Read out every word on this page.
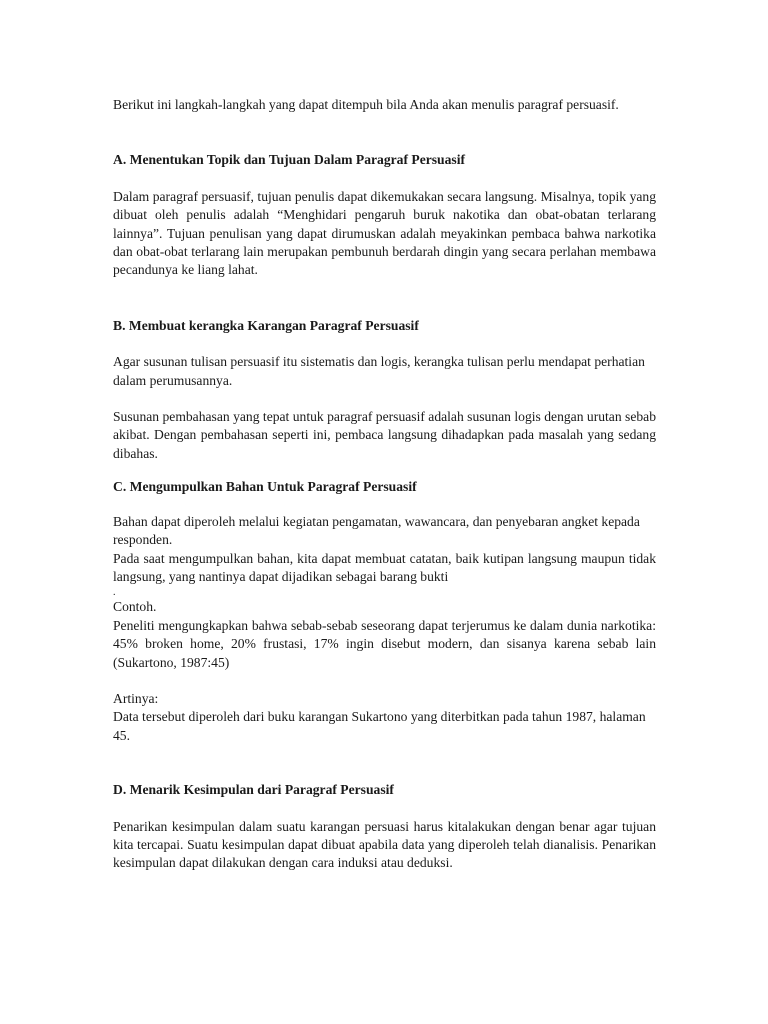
Berikut ini langkah-langkah yang dapat ditempuh bila Anda akan menulis paragraf persuasif.

A. Menentukan Topik dan Tujuan Dalam Paragraf Persuasif

Dalam paragraf persuasif, tujuan penulis dapat dikemukakan secara langsung. Misalnya, topik yang dibuat oleh penulis adalah “Menghidari pengaruh buruk nakotika dan obat-obatan terlarang lainnya”. Tujuan penulisan yang dapat dirumuskan adalah meyakinkan pembaca bahwa narkotika dan obat-obat terlarang lain merupakan pembunuh berdarah dingin yang secara perlahan membawa pecandunya ke liang lahat.

B. Membuat kerangka Karangan Paragraf Persuasif

Agar susunan tulisan persuasif itu sistematis dan logis, kerangka tulisan perlu mendapat perhatian dalam perumusannya.

Susunan pembahasan yang tepat untuk paragraf persuasif adalah susunan logis dengan urutan sebab akibat. Dengan pembahasan seperti ini, pembaca langsung dihadapkan pada masalah yang sedang dibahas.

C. Mengumpulkan Bahan Untuk Paragraf Persuasif

Bahan dapat diperoleh melalui kegiatan pengamatan, wawancara, dan penyebaran angket kepada responden.

Pada saat mengumpulkan bahan, kita dapat membuat catatan, baik kutipan langsung maupun tidak langsung, yang nantinya dapat dijadikan sebagai barang bukti

.

Contoh.

Peneliti mengungkapkan bahwa sebab-sebab seseorang dapat terjerumus ke dalam dunia narkotika: 45% broken home, 20% frustasi, 17% ingin disebut modern, dan sisanya karena sebab lain (Sukartono, 1987:45)

Artinya:

Data tersebut diperoleh dari buku karangan Sukartono yang diterbitkan pada tahun 1987, halaman 45.

D. Menarik Kesimpulan dari Paragraf Persuasif

Penarikan kesimpulan dalam suatu karangan persuasi harus kitalakukan dengan benar agar tujuan kita tercapai. Suatu kesimpulan dapat dibuat apabila data yang diperoleh telah dianalisis. Penarikan kesimpulan dapat dilakukan dengan cara induksi atau deduksi.
